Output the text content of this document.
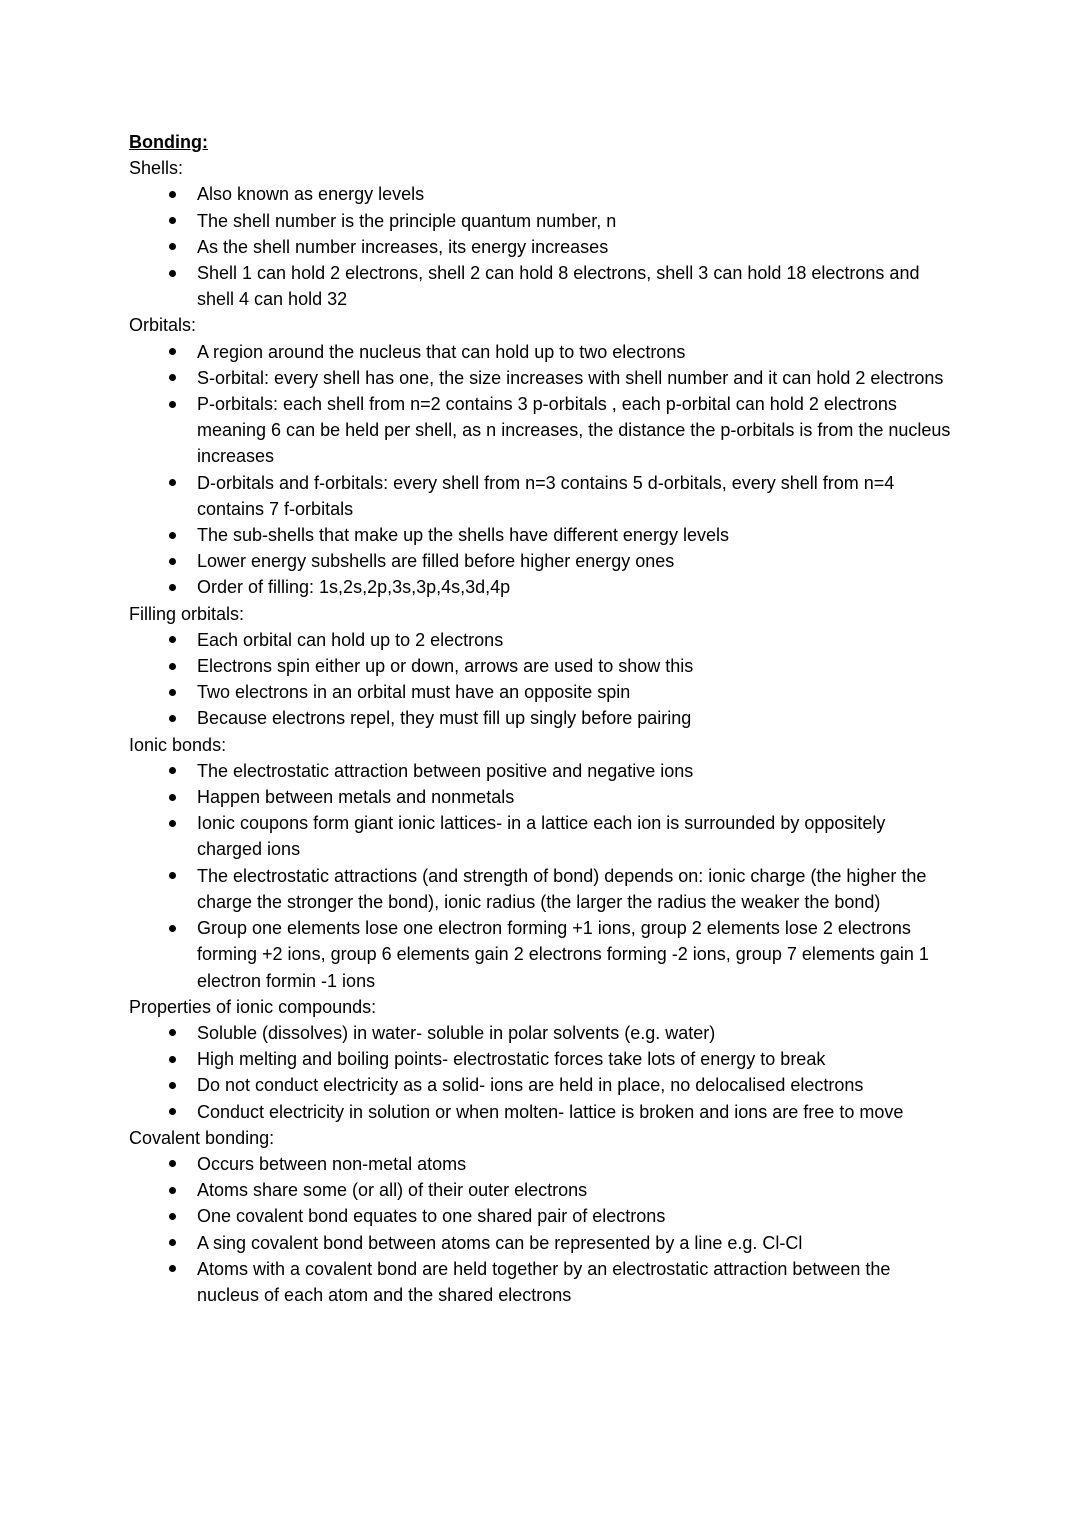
Bonding:
Shells:
Also known as energy levels
The shell number is the principle quantum number, n
As the shell number increases, its energy increases
Shell 1 can hold 2 electrons, shell 2 can hold 8 electrons, shell 3 can hold 18 electrons and shell 4 can hold 32
Orbitals:
A region around the nucleus that can hold up to two electrons
S-orbital: every shell has one, the size increases with shell number and it can hold 2 electrons
P-orbitals: each shell from n=2 contains 3 p-orbitals , each p-orbital can hold 2 electrons meaning 6 can be held per shell, as n increases, the distance the p-orbitals is from the nucleus increases
D-orbitals and f-orbitals: every shell from n=3 contains 5 d-orbitals, every shell from n=4 contains 7 f-orbitals
The sub-shells that make up the shells have different energy levels
Lower energy subshells are filled before higher energy ones
Order of filling: 1s,2s,2p,3s,3p,4s,3d,4p
Filling orbitals:
Each orbital can hold up to 2 electrons
Electrons spin either up or down, arrows are used to show this
Two electrons in an orbital must have an opposite spin
Because electrons repel, they must fill up singly before pairing
Ionic bonds:
The electrostatic attraction between positive and negative ions
Happen between metals and nonmetals
Ionic coupons form giant ionic lattices- in a lattice each ion is surrounded by oppositely charged ions
The electrostatic attractions (and strength of bond) depends on: ionic charge (the higher the charge the stronger the bond), ionic radius (the larger the radius the weaker the bond)
Group one elements lose one electron forming +1 ions, group 2 elements lose 2 electrons forming +2 ions, group 6 elements gain 2 electrons forming -2 ions, group 7 elements gain 1 electron formin -1 ions
Properties of ionic compounds:
Soluble (dissolves) in water- soluble in polar solvents (e.g. water)
High melting and boiling points- electrostatic forces take lots of energy to break
Do not conduct electricity as a solid- ions are held in place, no delocalised electrons
Conduct electricity in solution or when molten- lattice is broken and ions are free to move
Covalent bonding:
Occurs between non-metal atoms
Atoms share some (or all) of their outer electrons
One covalent bond equates to one shared pair of electrons
A sing covalent bond between atoms can be represented by a line e.g. Cl-Cl
Atoms with a covalent bond are held together by an electrostatic attraction between the nucleus of each atom and the shared electrons
